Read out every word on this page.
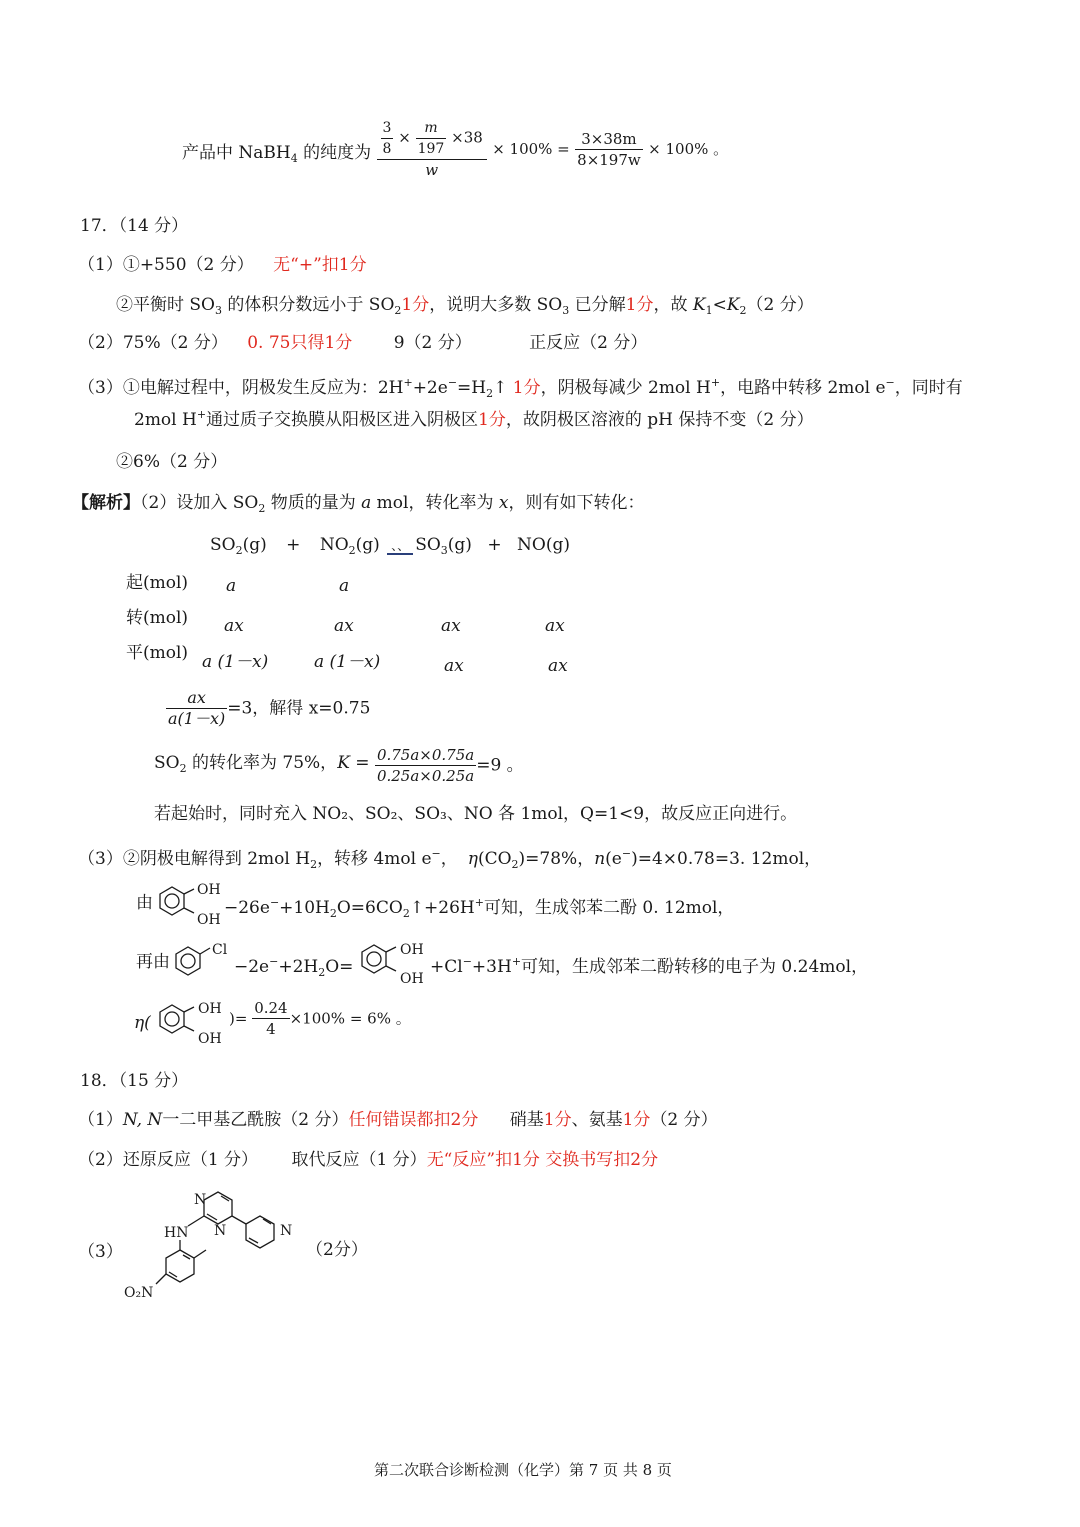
产品中 NaBH$_4$ 的纯度为 $\frac{\frac{3}{8} \times \frac{m}{197} \times 38}{w} \times 100\% = \frac{3\times 38m}{8\times 197w} \times 100\%$ 。
17．（14 分）
（1）①+550（2 分） 无“+”扣1分
②平衡时 $SO_3$ 的体积分数远小于 $SO_21$分，说明大多数 $SO_3$ 已分解1分，故 $K_1<K_2(2$ 分）
（2）75%（2 分） 0. 75只得1分 9（2 分）	正反应（2 分）
（3）①电解过程中，阴极发生反应为：$2H^++2e^-=H_2↑$ 1分，阴极每减少 2mol H+，电路中转移 2mol e−，同时有
2mol H+通过质子交换膜从阳极区进入阴极区1分，故阴极区溶液的 pH 保持不变（2 分）
②6%（2 分）
【解析】（2）设加入 $SO_2$ 物质的量为 a mol，转化率为 x，则有如下转化：
$SO_2(g) + NO_2(g)$ 、、 $SO_3(g) + NO(g)$
起(mol) a	a
转(mol) ax	ax	ax	ax
平(mol) a (1－x)	a (1－x)	ax	ax
$\frac{ax}{a(1-x)} =3$，解得 x=0.75
$SO_2$ 的转化率为 75%，$K = \frac{0.75a\times 0.75a}{0.25a\times 0.25a} =9$ 。
若起始时，同时充入 NO₂、SO₂、SO₃、NO 各 1mol，Q=1<9，故反应正向进行。
（3）②阴极电解得到 2mol $H_2$，转移 4mol e−， $\eta(CO_2)=78\%$，n(e−)=4×0.78=3. 12mol，
由
OH
OH
$-26e^-+10H_2O=6CO_2↑+26H^+$可知，生成邻苯二酚 0. 12mol，
再由
Cl
$-2e^-+2H_2O=$
OH
OH
+Cl−+3H+可知，生成邻苯二酚转移的电子为 0.24mol，
η(
OH
OH
)= $\frac{0.24}{4} \times 100\% = 6\%$ 。
18．（15 分）
（1）N, N一二甲基乙酰胺（2 分）任何错误都扣2分 硝基1分、氨基1分（2 分）
（2）还原反应（1 分） 取代反应（1 分）无“反应”扣1分 交换书写扣2分
（3）
N
N	N
HN
O₂N
（2分）
第二次联合诊断检测（化学）第 7 页 共 8 页
